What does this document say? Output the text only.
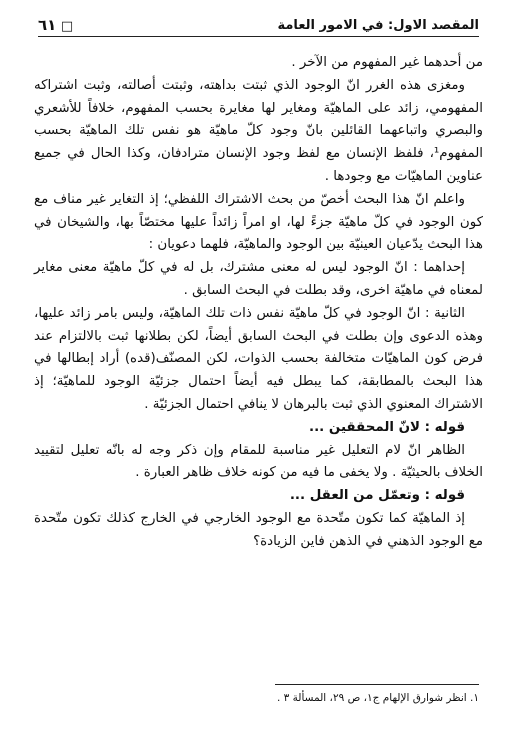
المقصد الاول: في الامور العامة
□ ٦١

من أحدهما غير المفهوم من الآخر .

ومغزى هذه الغرر انّ الوجود الذي ثبتت بداهته، وثبتت أصالته، وثبت اشتراكه المفهومي، زائد على الماهيّة ومغاير لها مغايرة بحسب المفهوم، خلافاً للأشعري والبصري واتباعهما القائلين بانّ وجود كلّ ماهيّة هو نفس تلك الماهيّة بحسب المفهوم¹، فلفظ الإنسان مع لفظ وجود الإنسان مترادفان، وكذا الحال في جميع عناوين الماهيّات مع وجودها .

واعلم انّ هذا البحث أخصّ من بحث الاشتراك اللفظي؛ إذ التغاير غير مناف مع كون الوجود في كلّ ماهيّة جزءً لها، او امراً زائداً عليها مختصّاً بها، والشيخان في هذا البحث يدّعيان العينيّة بين الوجود والماهيّة، فلهما دعويان :

إحداهما : انّ الوجود ليس له معنى مشترك، بل له في كلّ ماهيّة معنى مغاير لمعناه في ماهيّة اخرى، وقد بطلت في البحث السابق .

الثانية : انّ الوجود في كلّ ماهيّة نفس ذات تلك الماهيّة، وليس بامر زائد عليها، وهذه الدعوى وإن بطلت في البحث السابق أيضاً، لكن بطلانها ثبت بالالتزام عند فرض كون الماهيّات متخالفة بحسب الذوات، لكن المصنّف(قده) أراد إبطالها في هذا البحث بالمطابقة، كما يبطل فيه أيضاً احتمال جزئيّة الوجود للماهيّة؛ إذ الاشتراك المعنوي الذي ثبت بالبرهان لا ينافي احتمال الجزئيّة .

قوله : لانّ المحققين ...

الظاهر انّ لام التعليل غير مناسبة للمقام وإن ذكر وجه له بانّه تعليل لتقييد الخلاف بالحيثيّة . ولا يخفى ما فيه من كونه خلاف ظاهر العبارة .

قوله : وتعمّل من العقل ...

إذ الماهيّة كما تكون متّحدة مع الوجود الخارجي في الخارج كذلك تكون متّحدة مع الوجود الذهني في الذهن فاين الزيادة؟

١. انظر شوارق الإلهام ج١، ص ٢٩، المسألة ٣ .
